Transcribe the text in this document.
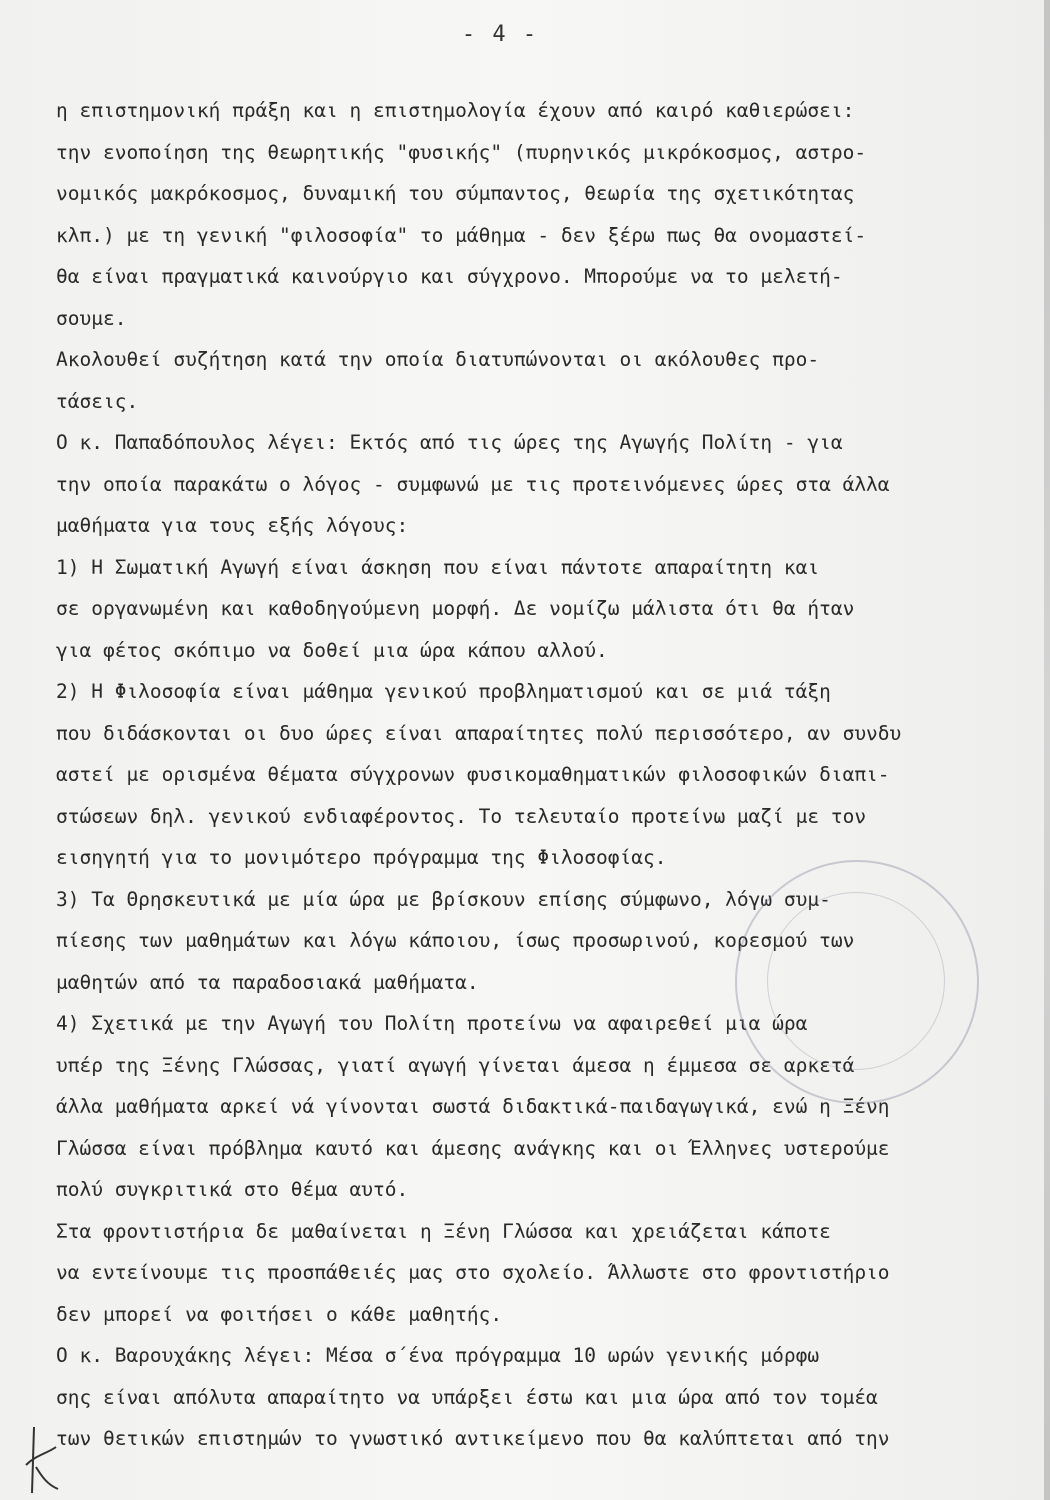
- 4 -
η επιστημονική πράξη και η επιστημολογία έχουν από καιρό καθιερώσει:
την ενοποίηση της θεωρητικής "φυσικής" (πυρηνικός μικρόκοσμος, αστρο-
νομικός μακρόκοσμος, δυναμική του σύμπαντος, θεωρία της σχετικότητας
κλπ.) με τη γενική "φιλοσοφία" το μάθημα - δεν ξέρω πως θα ονομαστεί-
θα είναι πραγματικά καινούργιο και σύγχρονο. Μπορούμε να το μελετή-
σουμε.
Ακολουθεί συζήτηση κατά την οποία διατυπώνονται οι ακόλουθες προ-
τάσεις.
Ο κ. Παπαδόπουλος λέγει: Εκτός από τις ώρες της Αγωγής Πολίτη - για
την οποία παρακάτω ο λόγος - συμφωνώ με τις προτεινόμενες ώρες στα άλλα
μαθήματα για τους εξής λόγους:
1) Η Σωματική Αγωγή είναι άσκηση που είναι πάντοτε απαραίτητη και
σε οργανωμένη και καθοδηγούμενη μορφή. Δε νομίζω μάλιστα ότι θα ήταν
για φέτος σκόπιμο να δοθεί μια ώρα κάπου αλλού.
2) Η Φιλοσοφία είναι μάθημα γενικού προβληματισμού και σε μιά τάξη
που διδάσκονται οι δυο ώρες είναι απαραίτητες πολύ περισσότερο, αν συνδυ
αστεί με ορισμένα θέματα σύγχρονων φυσικομαθηματικών φιλοσοφικών διαπι-
στώσεων δηλ. γενικού ενδιαφέροντος. Το τελευταίο προτείνω μαζί με τον
εισηγητή για το μονιμότερο πρόγραμμα της Φιλοσοφίας.
3) Τα Θρησκευτικά με μία ώρα με βρίσκουν επίσης σύμφωνο, λόγω συμ-
πίεσης των μαθημάτων και λόγω κάποιου, ίσως προσωρινού, κορεσμού των
μαθητών από τα παραδοσιακά μαθήματα.
4) Σχετικά με την Αγωγή του Πολίτη προτείνω να αφαιρεθεί μια ώρα
υπέρ της Ξένης Γλώσσας, γιατί αγωγή γίνεται άμεσα η έμμεσα σε αρκετά
άλλα μαθήματα αρκεί νά γίνονται σωστά διδακτικά-παιδαγωγικά, ενώ η Ξένη
Γλώσσα είναι πρόβλημα καυτό και άμεσης ανάγκης και οι Έλληνες υστερούμε
πολύ συγκριτικά στο θέμα αυτό.
Στα φροντιστήρια δε μαθαίνεται η Ξένη Γλώσσα και χρειάζεται κάποτε
να εντείνουμε τις προσπάθειές μας στο σχολείο. Άλλωστε στο φροντιστήριο
δεν μπορεί να φοιτήσει ο κάθε μαθητής.
Ο κ. Βαρουχάκης λέγει: Μέσα σ΄ένα πρόγραμμα 10 ωρών γενικής μόρφω
σης είναι απόλυτα απαραίτητο να υπάρξει έστω και μια ώρα από τον τομέα
των θετικών επιστημών το γνωστικό αντικείμενο που θα καλύπτεται από την
